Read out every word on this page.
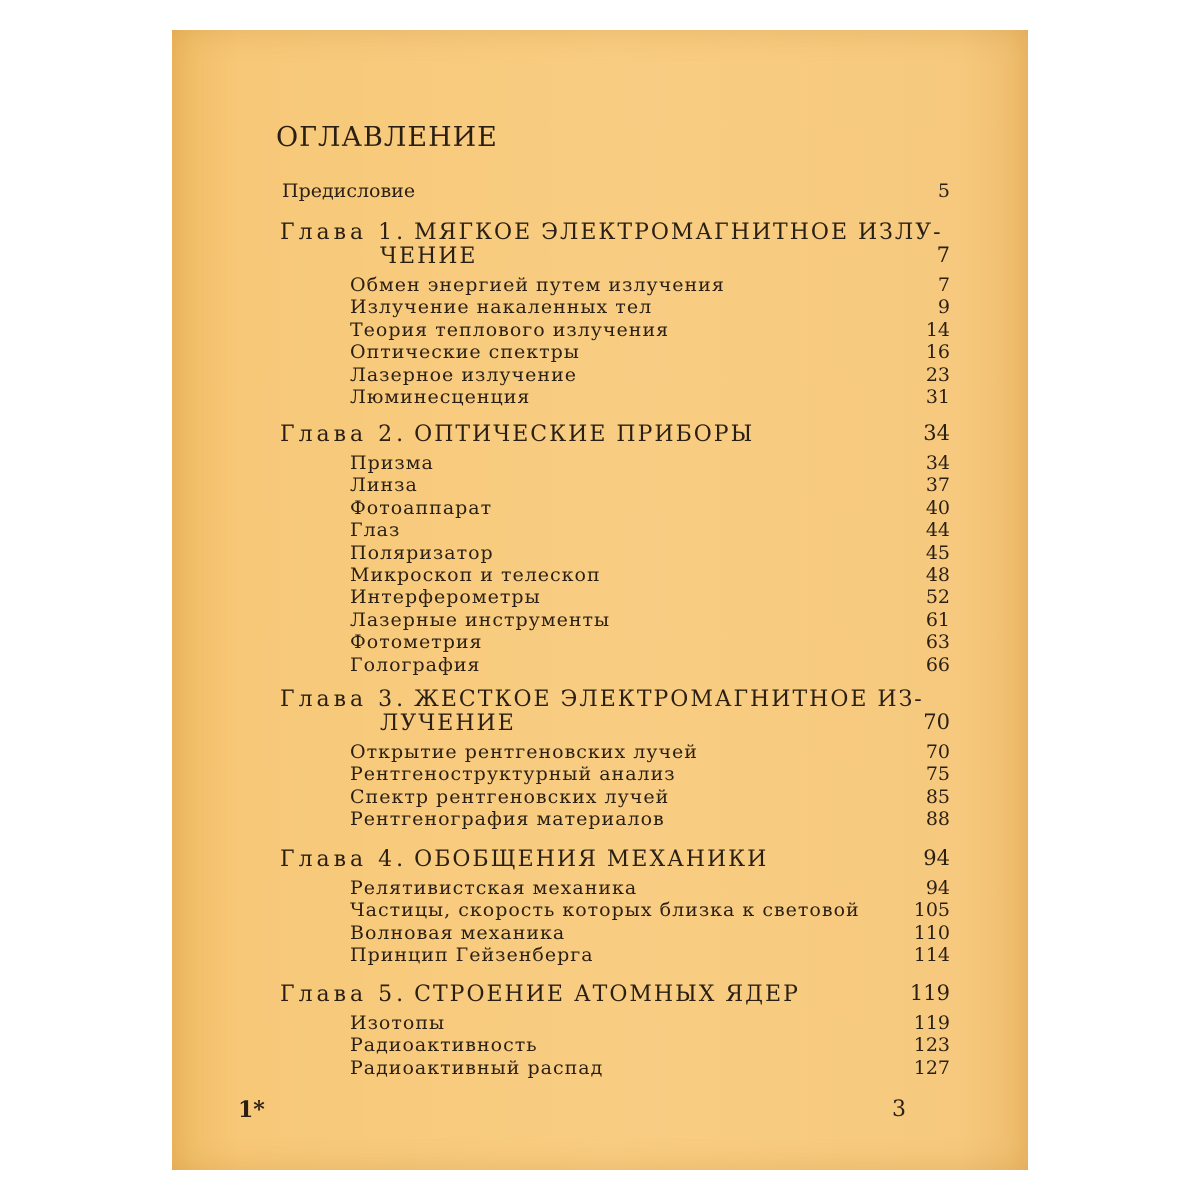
ОГЛАВЛЕНИЕ
Предисловие	5
Глава 1. МЯГКОЕ ЭЛЕКТРОМАГНИТНОЕ ИЗЛУ-
ЧЕНИЕ	7
Обмен энергией путем излучения	7
Излучение накаленных тел	9
Теория теплового излучения	14
Оптические спектры	16
Лазерное излучение	23
Люминесценция	31
Глава 2. ОПТИЧЕСКИЕ ПРИБОРЫ	34
Призма	34
Линза	37
Фотоаппарат	40
Глаз	44
Поляризатор	45
Микроскоп и телескоп	48
Интерферометры	52
Лазерные инструменты	61
Фотометрия	63
Голография	66
Глава 3. ЖЕСТКОЕ ЭЛЕКТРОМАГНИТНОЕ ИЗ-
ЛУЧЕНИЕ	70
Открытие рентгеновских лучей	70
Рентгеноструктурный анализ	75
Спектр рентгеновских лучей	85
Рентгенография материалов	88
Глава 4. ОБОБЩЕНИЯ МЕХАНИКИ	94
Релятивистская механика	94
Частицы, скорость которых близка к световой	105
Волновая механика	110
Принцип Гейзенберга	114
Глава 5. СТРОЕНИЕ АТОМНЫХ ЯДЕР	119
Изотопы	119
Радиоактивность	123
Радиоактивный распад	127
1*	3
